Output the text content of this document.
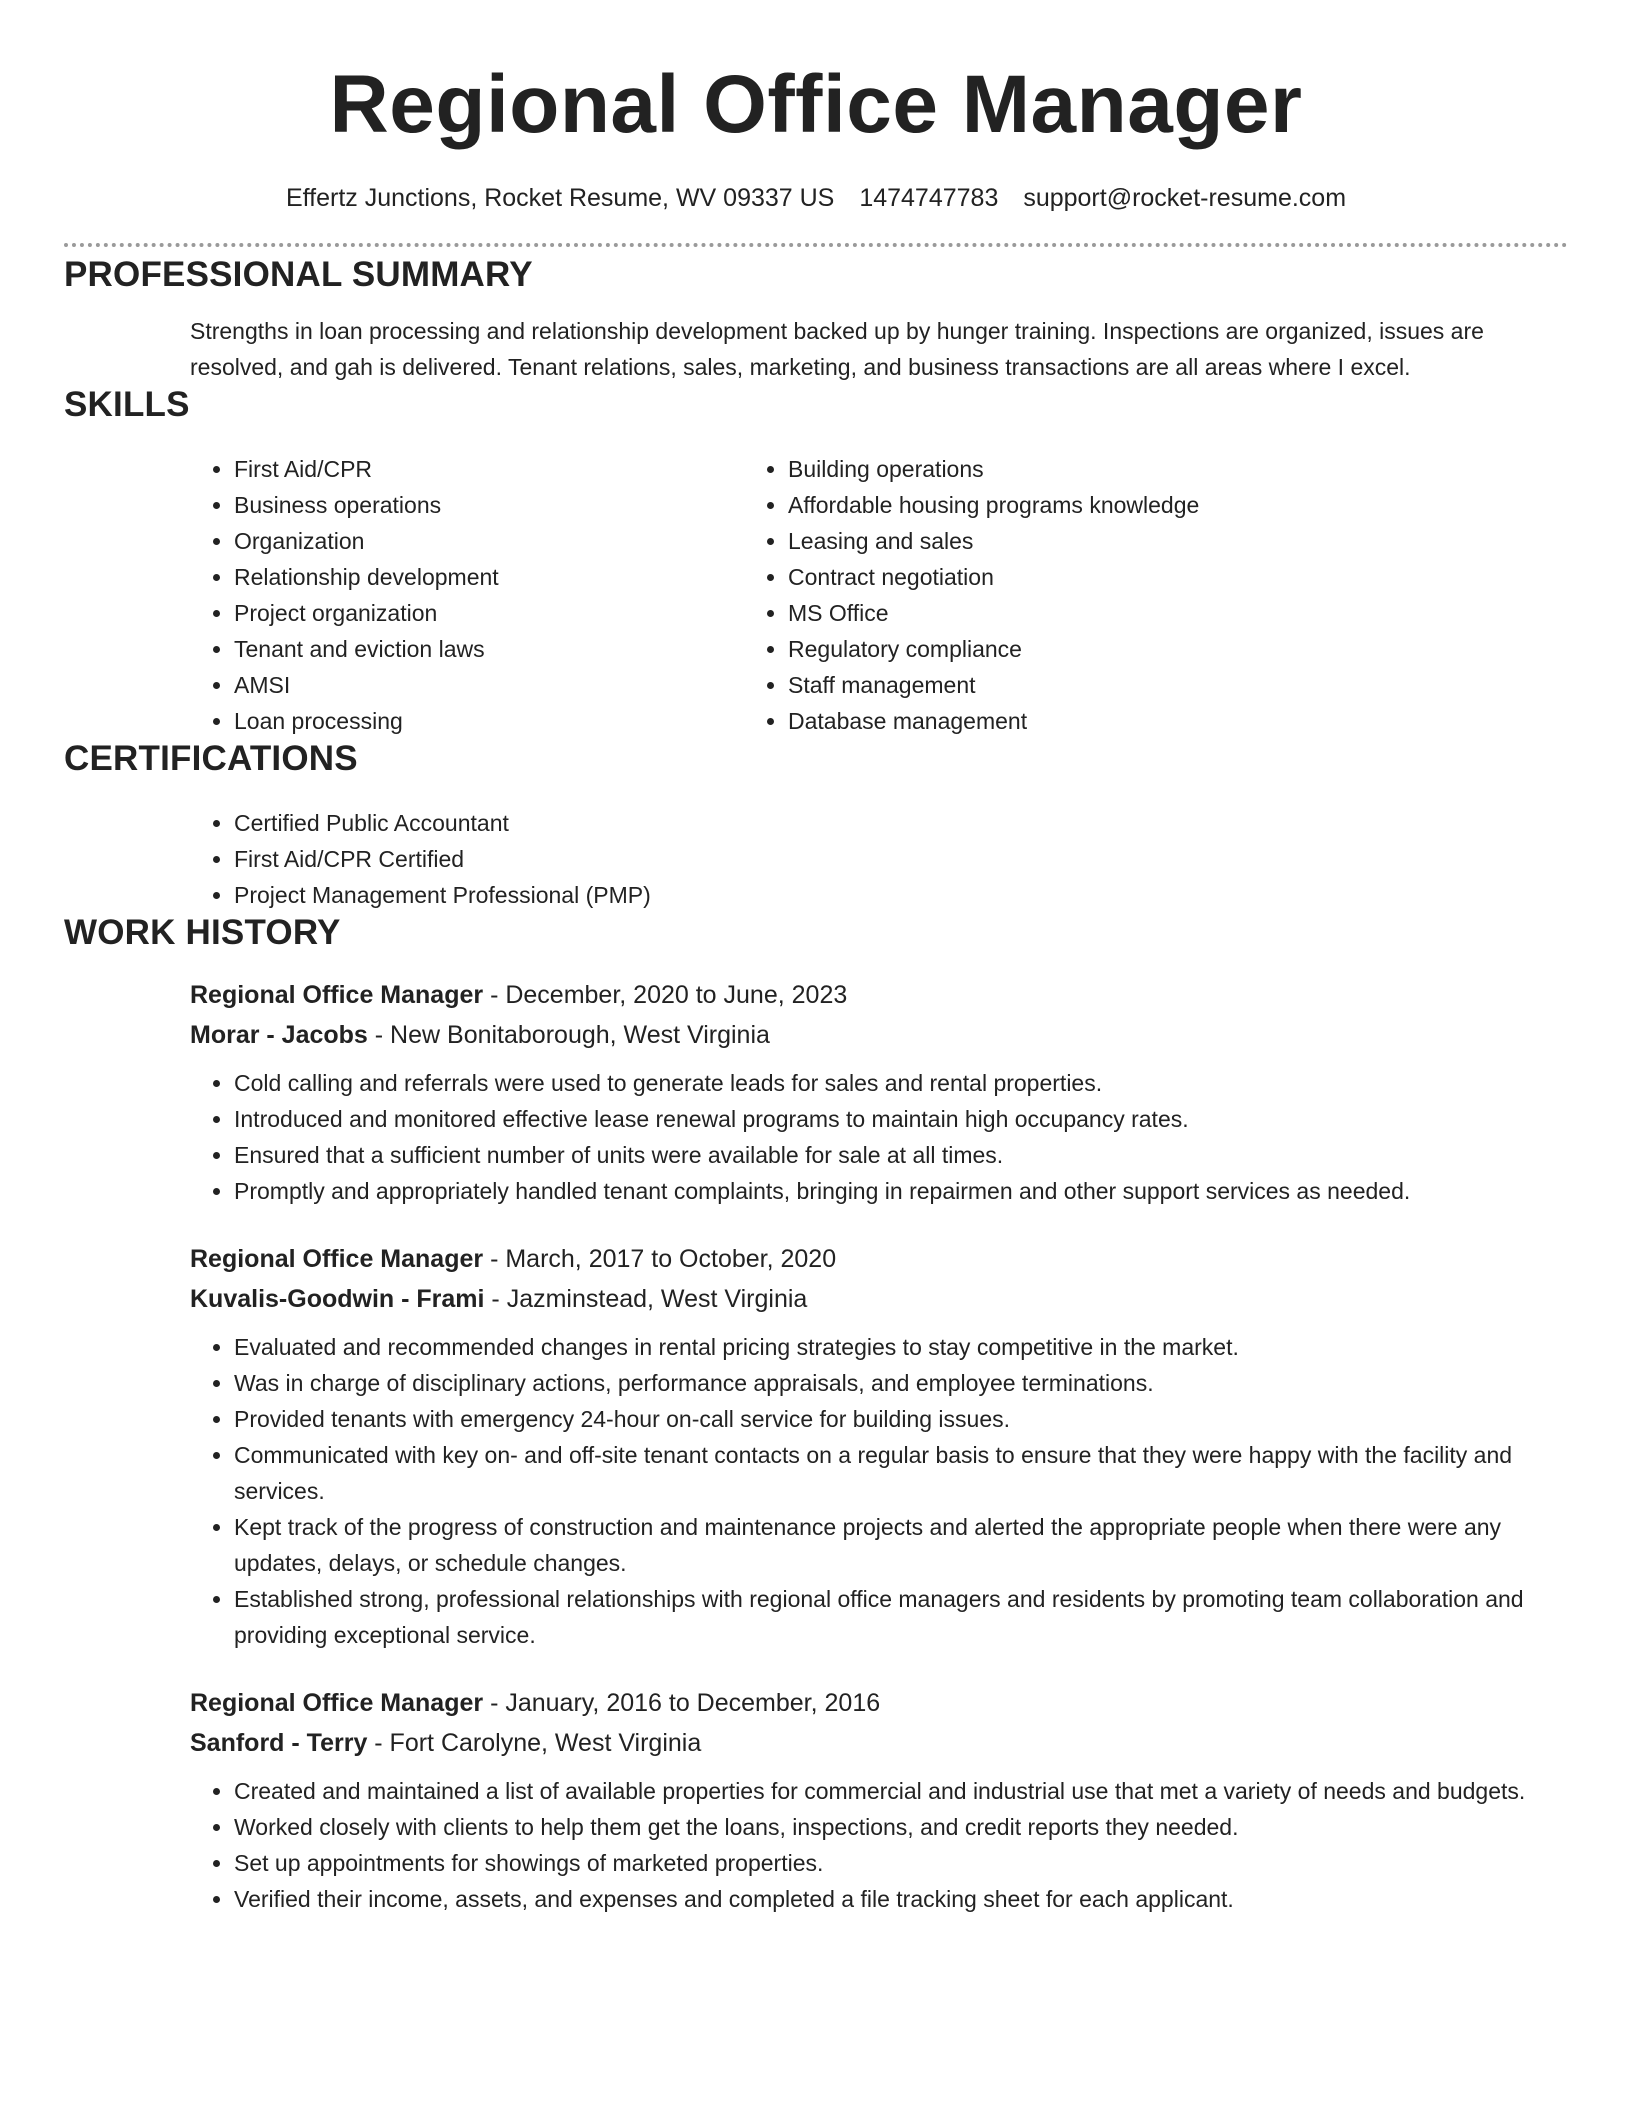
Regional Office Manager
Effertz Junctions, Rocket Resume, WV 09337 US 1474747783 support@rocket-resume.com
PROFESSIONAL SUMMARY
Strengths in loan processing and relationship development backed up by hunger training. Inspections are organized, issues are resolved, and gah is delivered. Tenant relations, sales, marketing, and business transactions are all areas where I excel.
SKILLS
• First Aid/CPR
• Business operations
• Organization
• Relationship development
• Project organization
• Tenant and eviction laws
• AMSI
• Loan processing
• Building operations
• Affordable housing programs knowledge
• Leasing and sales
• Contract negotiation
• MS Office
• Regulatory compliance
• Staff management
• Database management
CERTIFICATIONS
• Certified Public Accountant
• First Aid/CPR Certified
• Project Management Professional (PMP)
WORK HISTORY
Regional Office Manager - December, 2020 to June, 2023
Morar - Jacobs - New Bonitaborough, West Virginia
• Cold calling and referrals were used to generate leads for sales and rental properties.
• Introduced and monitored effective lease renewal programs to maintain high occupancy rates.
• Ensured that a sufficient number of units were available for sale at all times.
• Promptly and appropriately handled tenant complaints, bringing in repairmen and other support services as needed.
Regional Office Manager - March, 2017 to October, 2020
Kuvalis-Goodwin - Frami - Jazminstead, West Virginia
• Evaluated and recommended changes in rental pricing strategies to stay competitive in the market.
• Was in charge of disciplinary actions, performance appraisals, and employee terminations.
• Provided tenants with emergency 24-hour on-call service for building issues.
• Communicated with key on- and off-site tenant contacts on a regular basis to ensure that they were happy with the facility and services.
• Kept track of the progress of construction and maintenance projects and alerted the appropriate people when there were any updates, delays, or schedule changes.
• Established strong, professional relationships with regional office managers and residents by promoting team collaboration and providing exceptional service.
Regional Office Manager - January, 2016 to December, 2016
Sanford - Terry - Fort Carolyne, West Virginia
• Created and maintained a list of available properties for commercial and industrial use that met a variety of needs and budgets.
• Worked closely with clients to help them get the loans, inspections, and credit reports they needed.
• Set up appointments for showings of marketed properties.
• Verified their income, assets, and expenses and completed a file tracking sheet for each applicant.
